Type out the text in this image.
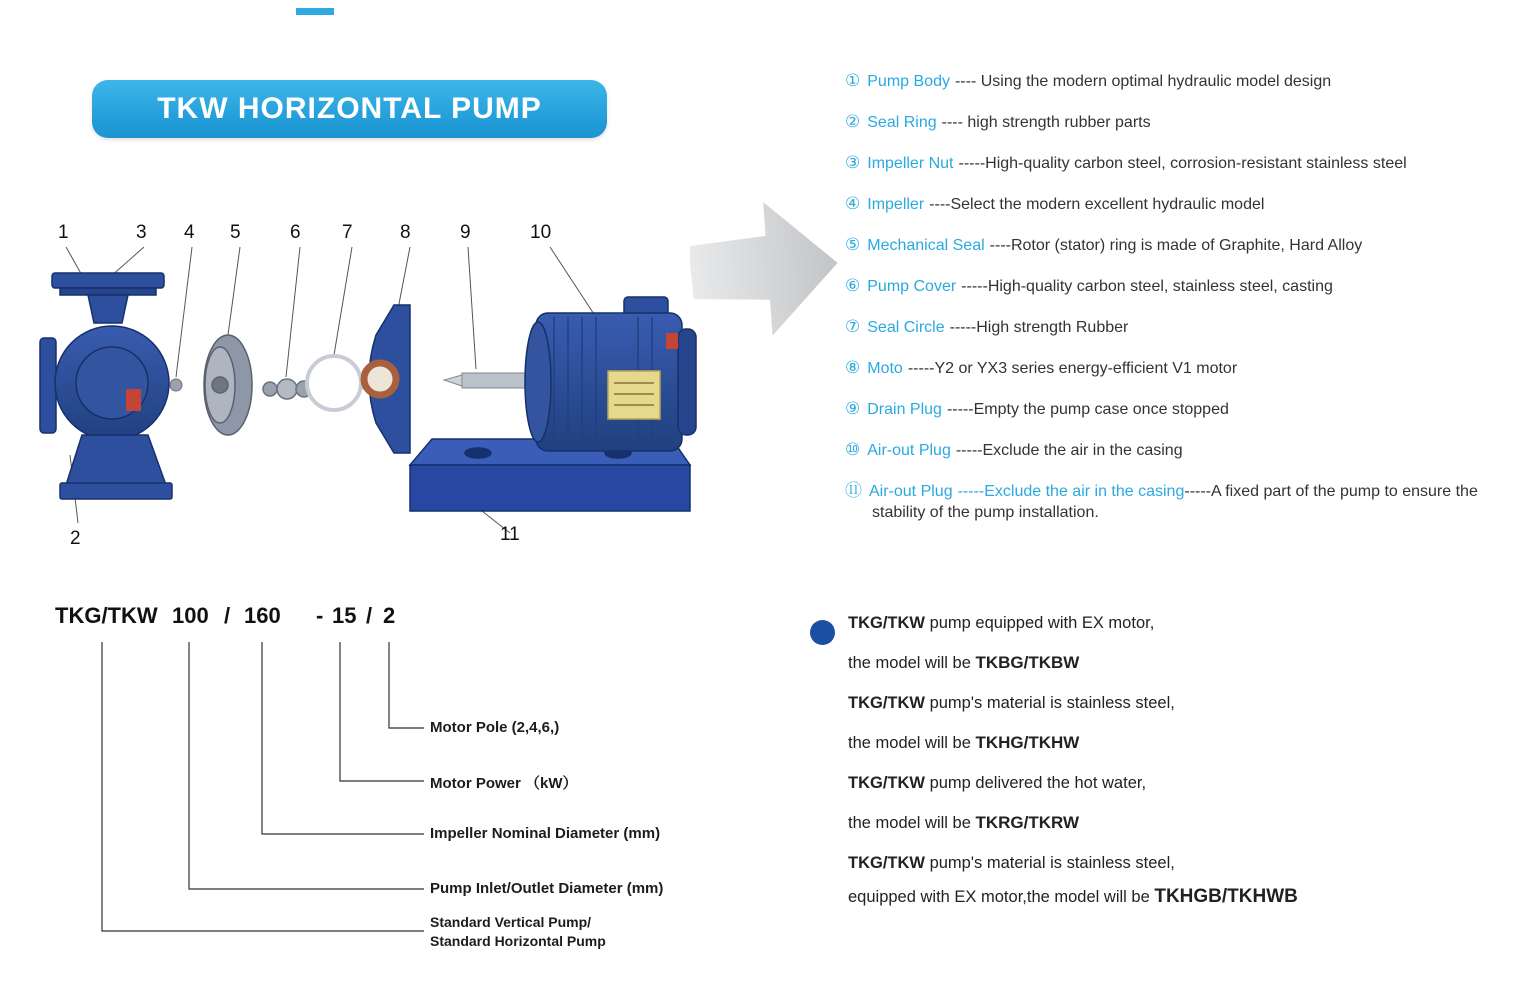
TKW HORIZONTAL PUMP
1	3 4 5	6 7 8	9	10
2	11
① Pump Body ---- Using the modern optimal hydraulic model design
② Seal Ring ---- high strength rubber parts
③ Impeller Nut -----High-quality carbon steel, corrosion-resistant stainless steel
④ Impeller ----Select the modern excellent hydraulic model
⑤ Mechanical Seal ----Rotor (stator) ring is made of Graphite, Hard Alloy
⑥ Pump Cover -----High-quality carbon steel, stainless steel, casting
⑦ Seal Circle -----High strength Rubber
⑧ Moto -----Y2 or YX3 series energy-efficient V1 motor
⑨ Drain Plug -----Empty the pump case once stopped
⑩ Air-out Plug -----Exclude the air in the casing
⑪ Air-out Plug -----Exclude the air in the casing-----A fixed part of the pump to ensure the stability of the pump installation.
TKG/TKW 100 / 160 - 15 / 2
Motor Pole (2,4,6,)
Motor Power （kW）
Impeller Nominal Diameter (mm)
Pump Inlet/Outlet Diameter (mm)
Standard Vertical Pump/
Standard Horizontal Pump
TKG/TKW pump equipped with EX motor,
the model will be TKBG/TKBW
TKG/TKW pump's material is stainless steel,
the model will be TKHG/TKHW
TKG/TKW pump delivered the hot water,
the model will be TKRG/TKRW
TKG/TKW pump's material is stainless steel,
equipped with EX motor,the model will be TKHGB/TKHWB
